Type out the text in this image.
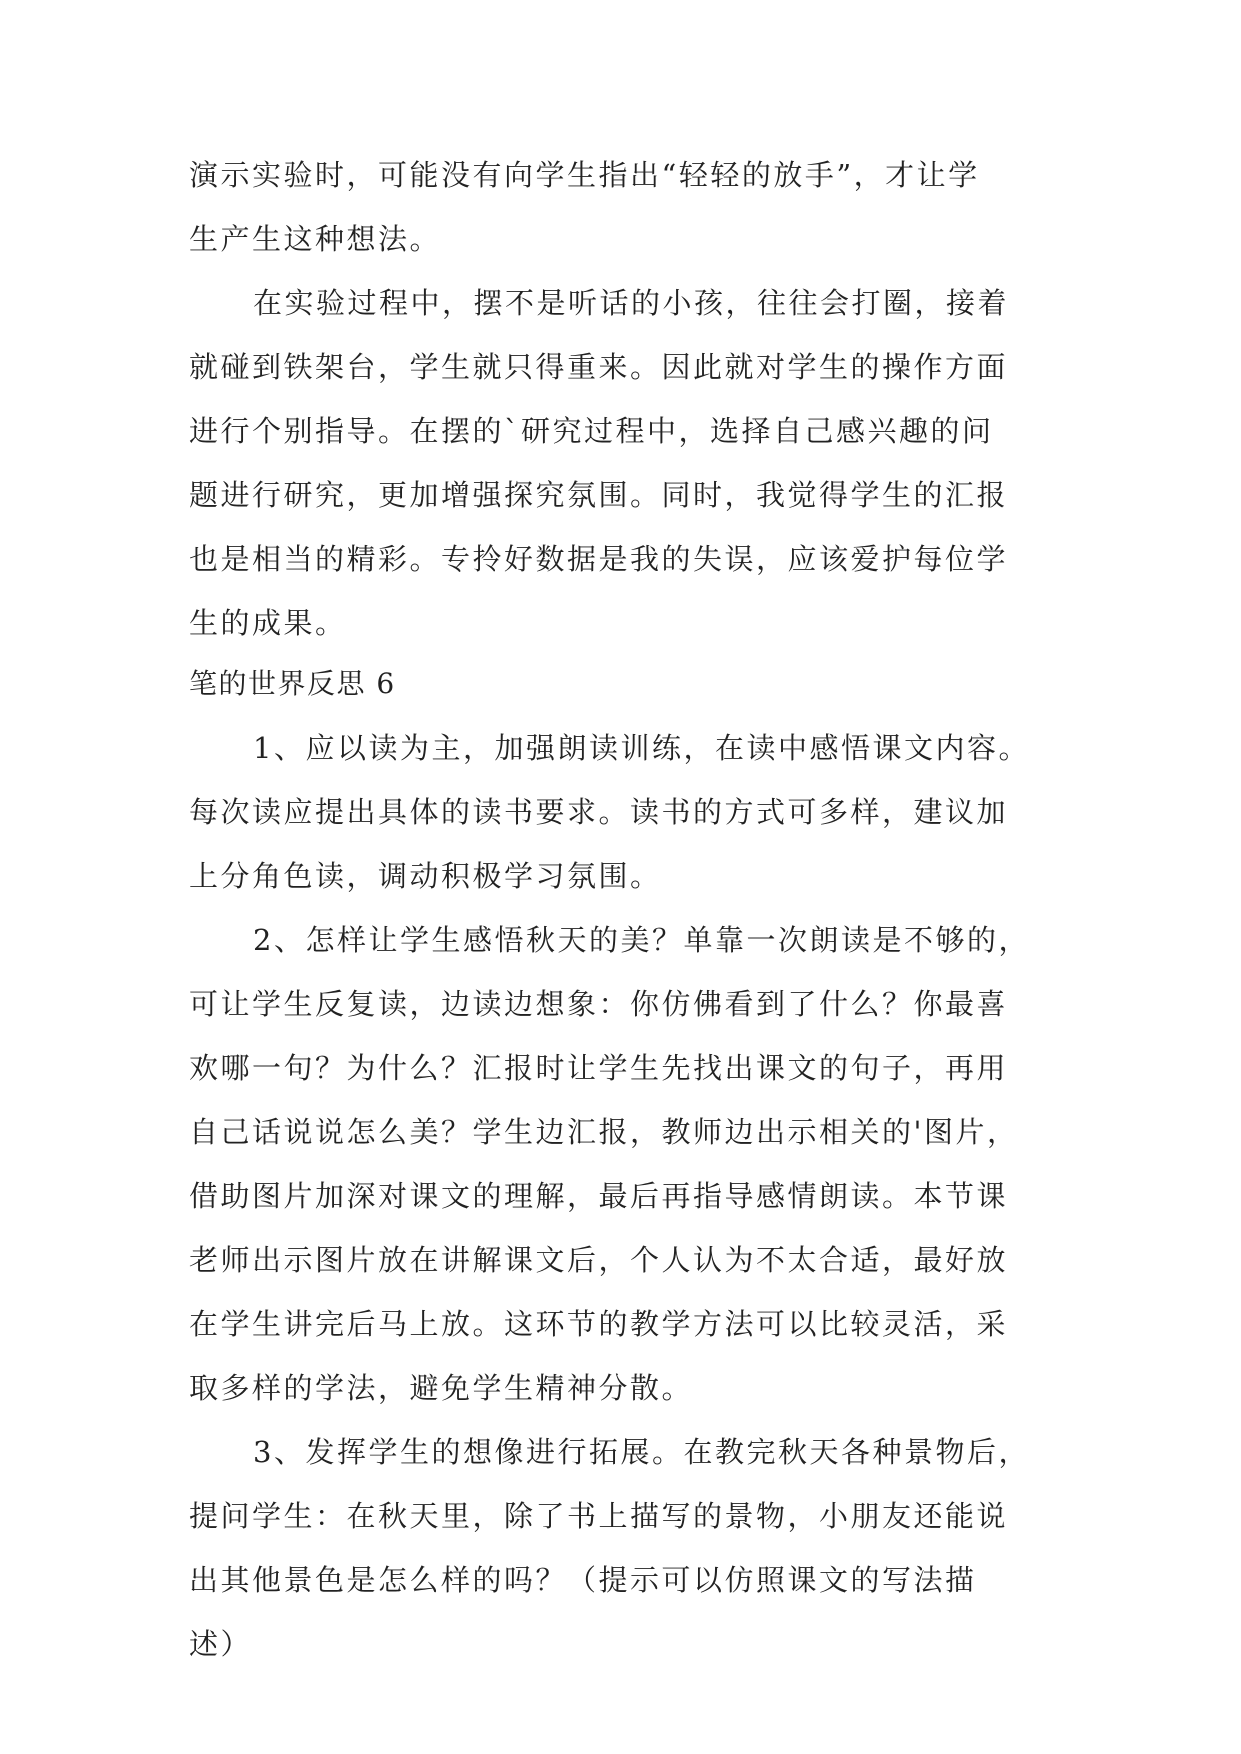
演示实验时，可能没有向学生指出“轻轻的放手”，才让学
生产生这种想法。
在实验过程中，摆不是听话的小孩，往往会打圈，接着
就碰到铁架台，学生就只得重来。因此就对学生的操作方面
进行个别指导。在摆的`研究过程中，选择自己感兴趣的问
题进行研究，更加增强探究氛围。同时，我觉得学生的汇报
也是相当的精彩。专拎好数据是我的失误，应该爱护每位学
生的成果。
笔的世界反思 6
1、应以读为主，加强朗读训练，在读中感悟课文内容。
每次读应提出具体的读书要求。读书的方式可多样，建议加
上分角色读，调动积极学习氛围。
2、怎样让学生感悟秋天的美？单靠一次朗读是不够的，
可让学生反复读，边读边想象：你仿佛看到了什么？你最喜
欢哪一句？为什么？汇报时让学生先找出课文的句子，再用
自己话说说怎么美？学生边汇报，教师边出示相关的'图片，
借助图片加深对课文的理解，最后再指导感情朗读。本节课
老师出示图片放在讲解课文后，个人认为不太合适，最好放
在学生讲完后马上放。这环节的教学方法可以比较灵活，采
取多样的学法，避免学生精神分散。
3、发挥学生的想像进行拓展。在教完秋天各种景物后，
提问学生：在秋天里，除了书上描写的景物，小朋友还能说
出其他景色是怎么样的吗？（提示可以仿照课文的写法描
述）
